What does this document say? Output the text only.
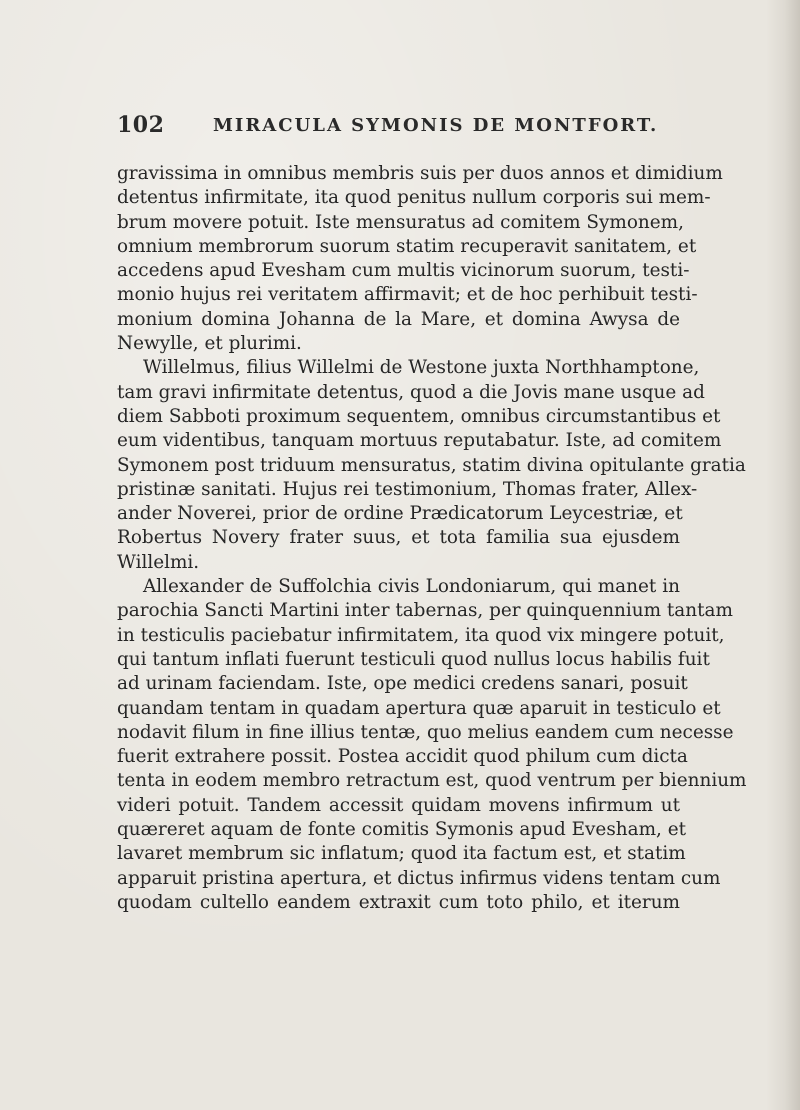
102	MIRACULA SYMONIS DE MONTFORT.
gravissima in omnibus membris suis per duos annos et dimidium
detentus infirmitate, ita quod penitus nullum corporis sui mem-
brum movere potuit. Iste mensuratus ad comitem Symonem,
omnium membrorum suorum statim recuperavit sanitatem, et
accedens apud Evesham cum multis vicinorum suorum, testi-
monio hujus rei veritatem affirmavit; et de hoc perhibuit testi-
monium domina Johanna de la Mare, et domina Awysa de
Newylle, et plurimi.
Willelmus, filius Willelmi de Westone juxta Northhamptone,
tam gravi infirmitate detentus, quod a die Jovis mane usque ad
diem Sabboti proximum sequentem, omnibus circumstantibus et
eum videntibus, tanquam mortuus reputabatur. Iste, ad comitem
Symonem post triduum mensuratus, statim divina opitulante gratia
pristinæ sanitati. Hujus rei testimonium, Thomas frater, Allex-
ander Noverei, prior de ordine Prædicatorum Leycestriæ, et
Robertus Novery frater suus, et tota familia sua ejusdem
Willelmi.
Allexander de Suffolchia civis Londoniarum, qui manet in
parochia Sancti Martini inter tabernas, per quinquennium tantam
in testiculis paciebatur infirmitatem, ita quod vix mingere potuit,
qui tantum inflati fuerunt testiculi quod nullus locus habilis fuit
ad urinam faciendam. Iste, ope medici credens sanari, posuit
quandam tentam in quadam apertura quæ aparuit in testiculo et
nodavit filum in fine illius tentæ, quo melius eandem cum necesse
fuerit extrahere possit. Postea accidit quod philum cum dicta
tenta in eodem membro retractum est, quod ventrum per biennium
videri potuit. Tandem accessit quidam movens infirmum ut
quæreret aquam de fonte comitis Symonis apud Evesham, et
lavaret membrum sic inflatum; quod ita factum est, et statim
apparuit pristina apertura, et dictus infirmus videns tentam cum
quodam cultello eandem extraxit cum toto philo, et iterum
